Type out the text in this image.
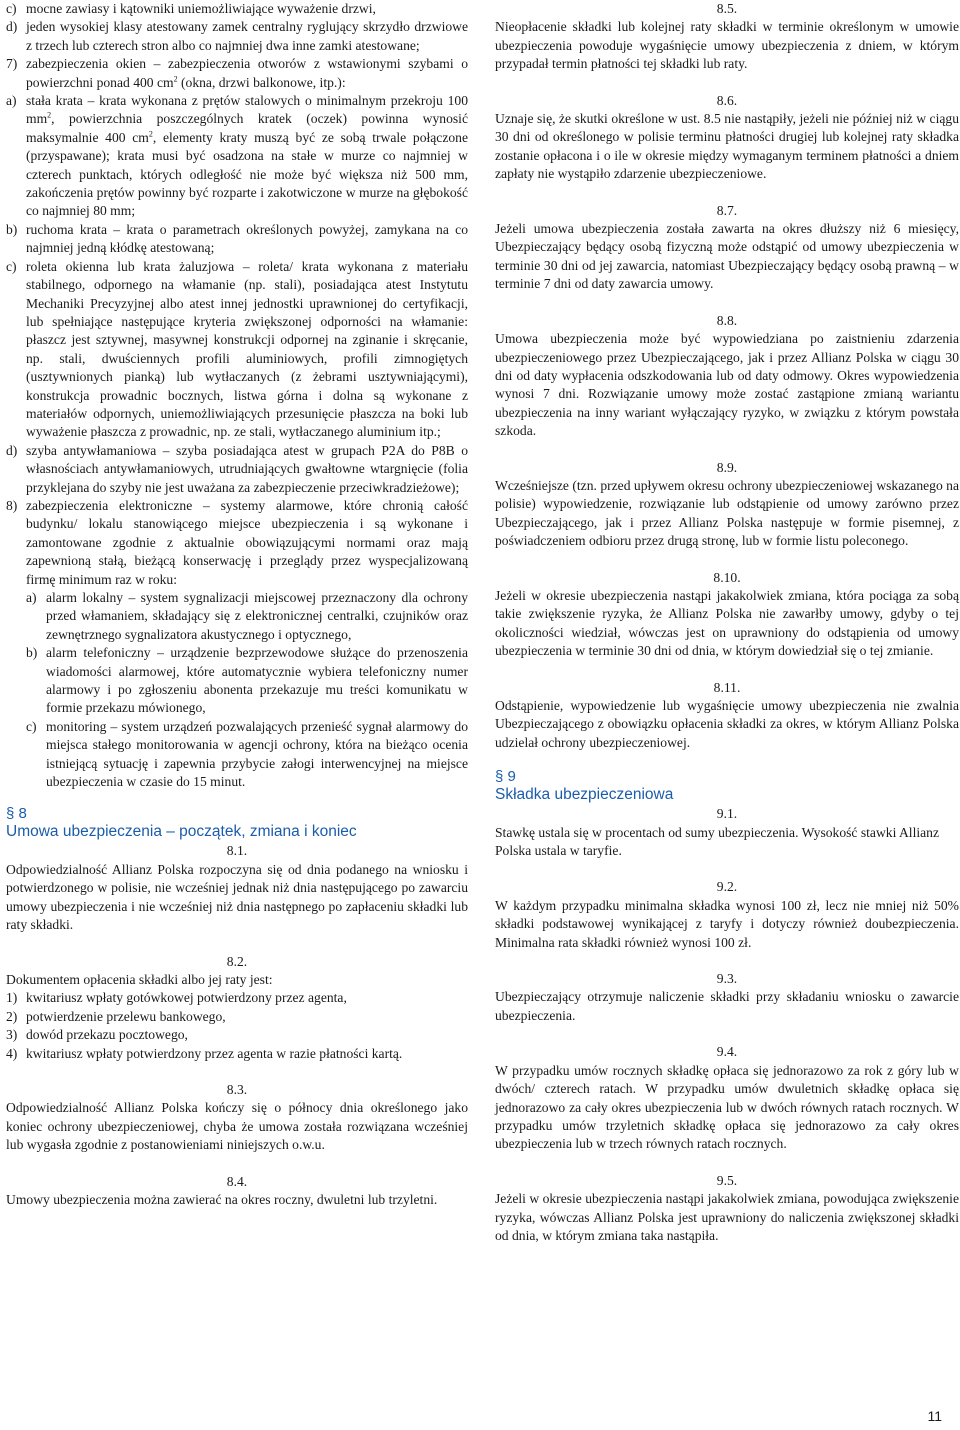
c) mocne zawiasy i kątowniki uniemożliwiające wyważenie drzwi,
d) jeden wysokiej klasy atestowany zamek centralny ryglujący skrzydło drzwiowe z trzech lub czterech stron albo co najmniej dwa inne zamki atestowane;
7) zabezpieczenia okien – zabezpieczenia otworów z wstawionymi szybami o powierzchni ponad 400 $cm^2$ (okna, drzwi balkonowe, itp.):
a) stała krata – krata wykonana z prętów stalowych o minimalnym przekroju 100 $mm^2$, powierzchnia poszczególnych kratek (oczek) powinna wynosić maksymalnie 400 $cm^2$, elementy kraty muszą być ze sobą trwale połączone (przyspawane); krata musi być osadzona na stałe w murze co najmniej w czterech punktach, których odległość nie może być większa niż 500 mm, zakończenia prętów powinny być rozparte i zakotwiczone w murze na głębokość co najmniej 80 mm;
b) ruchoma krata – krata o parametrach określonych powyżej, zamykana na co najmniej jedną kłódkę atestowaną;
c) roleta okienna lub krata żaluzjowa – roleta/ krata wykonana z materiału stabilnego, odpornego na włamanie (np. stali), posiadająca atest Instytutu Mechaniki Precyzyjnej albo atest innej jednostki uprawnionej do certyfikacji, lub spełniające następujące kryteria zwiększonej odporności na włamanie: płaszcz jest sztywnej, masywnej konstrukcji odpornej na zginanie i skręcanie, np. stali, dwuściennych profili aluminiowych, profili zimnogiętych (usztywnionych pianką) lub wytłaczanych (z żebrami usztywniającymi), konstrukcja prowadnic bocznych, listwa górna i dolna są wykonane z materiałów odpornych, uniemożliwiających przesunięcie płaszcza na boki lub wyważenie płaszcza z prowadnic, np. ze stali, wytłaczanego aluminium itp.;
d) szyba antywłamaniowa – szyba posiadająca atest w grupach P2A do P8B o własnościach antywłamaniowych, utrudniających gwałtowne wtargnięcie (folia przyklejana do szyby nie jest uważana za zabezpieczenie przeciwkradzieżowe);
8) zabezpieczenia elektroniczne – systemy alarmowe, które chronią całość budynku/ lokalu stanowiącego miejsce ubezpieczenia i są wykonane i zamontowane zgodnie z aktualnie obowiązującymi normami oraz mają zapewnioną stałą, bieżącą konserwację i przeglądy przez wyspecjalizowaną firmę minimum raz w roku:
a) alarm lokalny – system sygnalizacji miejscowej przeznaczony dla ochrony przed włamaniem, składający się z elektronicznej centralki, czujników oraz zewnętrznego sygnalizatora akustycznego i optycznego,
b) alarm telefoniczny – urządzenie bezprzewodowe służące do przenoszenia wiadomości alarmowej, które automatycznie wybiera telefoniczny numer alarmowy i po zgłoszeniu abonenta przekazuje mu treści komunikatu w formie przekazu mówionego,
c) monitoring – system urządzeń pozwalających przenieść sygnał alarmowy do miejsca stałego monitorowania w agencji ochrony, która na bieżąco ocenia istniejącą sytuację i zapewnia przybycie załogi interwencyjnej na miejsce ubezpieczenia w czasie do 15 minut.
§ 8
Umowa ubezpieczenia – początek, zmiana i koniec

8.1.

Odpowiedzialność Allianz Polska rozpoczyna się od dnia podanego na wniosku i potwierdzonego w polisie, nie wcześniej jednak niż dnia następującego po zawarciu umowy ubezpieczenia i nie wcześniej niż dnia następnego po zapłaceniu składki lub raty składki.

8.2.

Dokumentem opłacenia składki albo jej raty jest:

1) kwitariusz wpłaty gotówkowej potwierdzony przez agenta,
2) potwierdzenie przelewu bankowego,
3) dowód przekazu pocztowego,
4) kwitariusz wpłaty potwierdzony przez agenta w razie płatności kartą.

8.3.

Odpowiedzialność Allianz Polska kończy się o północy dnia określonego jako koniec ochrony ubezpieczeniowej, chyba że umowa została rozwiązana wcześniej lub wygasła zgodnie z postanowieniami niniejszych o.w.u.

8.4.

Umowy ubezpieczenia można zawierać na okres roczny, dwuletni lub trzyletni.

8.5.

Nieopłacenie składki lub kolejnej raty składki w terminie określonym w umowie ubezpieczenia powoduje wygaśnięcie umowy ubezpieczenia z dniem, w którym przypadał termin płatności tej składki lub raty.

8.6.

Uznaje się, że skutki określone w ust. 8.5 nie nastąpiły, jeżeli nie później niż w ciągu 30 dni od określonego w polisie terminu płatności drugiej lub kolejnej raty składka zostanie opłacona i o ile w okresie między wymaganym terminem płatności a dniem zapłaty nie wystąpiło zdarzenie ubezpieczeniowe.

8.7.

Jeżeli umowa ubezpieczenia została zawarta na okres dłuższy niż 6 miesięcy, Ubezpieczający będący osobą fizyczną może odstąpić od umowy ubezpieczenia w terminie 30 dni od jej zawarcia, natomiast Ubezpieczający będący osobą prawną – w terminie 7 dni od daty zawarcia umowy.

8.8.

Umowa ubezpieczenia może być wypowiedziana po zaistnieniu zdarzenia ubezpieczeniowego przez Ubezpieczającego, jak i przez Allianz Polska w ciągu 30 dni od daty wypłacenia odszkodowania lub od daty odmowy. Okres wypowiedzenia wynosi 7 dni. Rozwiązanie umowy może zostać zastąpione zmianą wariantu ubezpieczenia na inny wariant wyłączający ryzyko, w związku z którym powstała szkoda.

8.9.

Wcześniejsze (tzn. przed upływem okresu ochrony ubezpieczeniowej wskazanego na polisie) wypowiedzenie, rozwiązanie lub odstąpienie od umowy zarówno przez Ubezpieczającego, jak i przez Allianz Polska następuje w formie pisemnej, z poświadczeniem odbioru przez drugą stronę, lub w formie listu poleconego.

8.10.

Jeżeli w okresie ubezpieczenia nastąpi jakakolwiek zmiana, która pociąga za sobą takie zwiększenie ryzyka, że Allianz Polska nie zawarłby umowy, gdyby o tej okoliczności wiedział, wówczas jest on uprawniony do odstąpienia od umowy ubezpieczenia w terminie 30 dni od dnia, w którym dowiedział się o tej zmianie.

8.11.

Odstąpienie, wypowiedzenie lub wygaśnięcie umowy ubezpieczenia nie zwalnia Ubezpieczającego z obowiązku opłacenia składki za okres, w którym Allianz Polska udzielał ochrony ubezpieczeniowej.

§ 9
Składka ubezpieczeniowa

9.1.

Stawkę ustala się w procentach od sumy ubezpieczenia. Wysokość stawki Allianz Polska ustala w taryfie.

9.2.

W każdym przypadku minimalna składka wynosi 100 zł, lecz nie mniej niż 50% składki podstawowej wynikającej z taryfy i dotyczy również doubezpieczenia. Minimalna rata składki również wynosi 100 zł.

9.3.

Ubezpieczający otrzymuje naliczenie składki przy składaniu wniosku o zawarcie ubezpieczenia.

9.4.

W przypadku umów rocznych składkę opłaca się jednorazowo za rok z góry lub w dwóch/ czterech ratach. W przypadku umów dwuletnich składkę opłaca się jednorazowo za cały okres ubezpieczenia lub w dwóch równych ratach rocznych. W przypadku umów trzyletnich składkę opłaca się jednorazowo za cały okres ubezpieczenia lub w trzech równych ratach rocznych.

9.5.

Jeżeli w okresie ubezpieczenia nastąpi jakakolwiek zmiana, powodująca zwiększenie ryzyka, wówczas Allianz Polska jest uprawniony do naliczenia zwiększonej składki od dnia, w którym zmiana taka nastąpiła.

11
